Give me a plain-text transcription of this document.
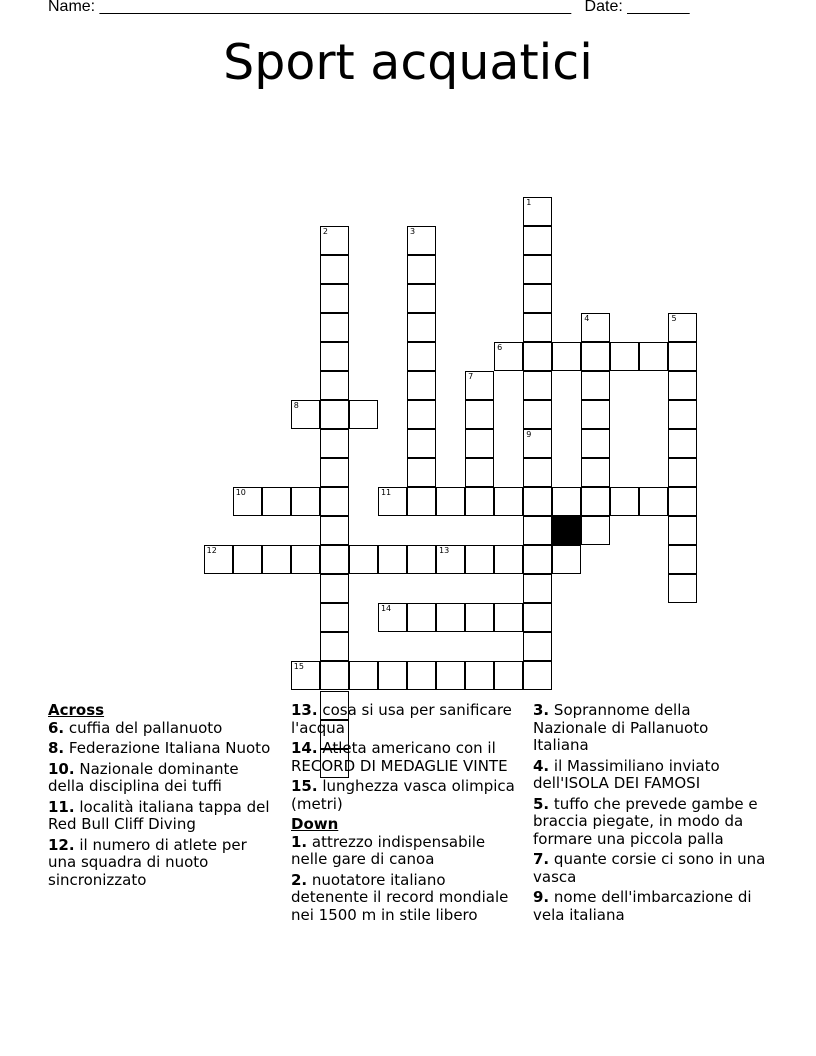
Name: _____________________________________________________ Date: _______
Sport acquatici
1
9
2	3
4	5
6
7
8
10	11
12	13
14
15
Across
6. cuffia del pallanuoto
8. Federazione Italiana Nuoto
10. Nazionale dominante della disciplina dei tuffi
11. località italiana tappa del Red Bull Cliff Diving
12. il numero di atlete per una squadra di nuoto sincronizzato
13. cosa si usa per sanificare l'acqua
14. Atleta americano con il RECORD DI MEDAGLIE VINTE
15. lunghezza vasca olimpica (metri)
Down
1. attrezzo indispensabile nelle gare di canoa
2. nuotatore italiano detenente il record mondiale nei 1500 m in stile libero
3. Soprannome della Nazionale di Pallanuoto Italiana
4. il Massimiliano inviato dell'ISOLA DEI FAMOSI
5. tuffo che prevede gambe e braccia piegate, in modo da formare una piccola palla
7. quante corsie ci sono in una vasca
9. nome dell'imbarcazione di vela italiana
